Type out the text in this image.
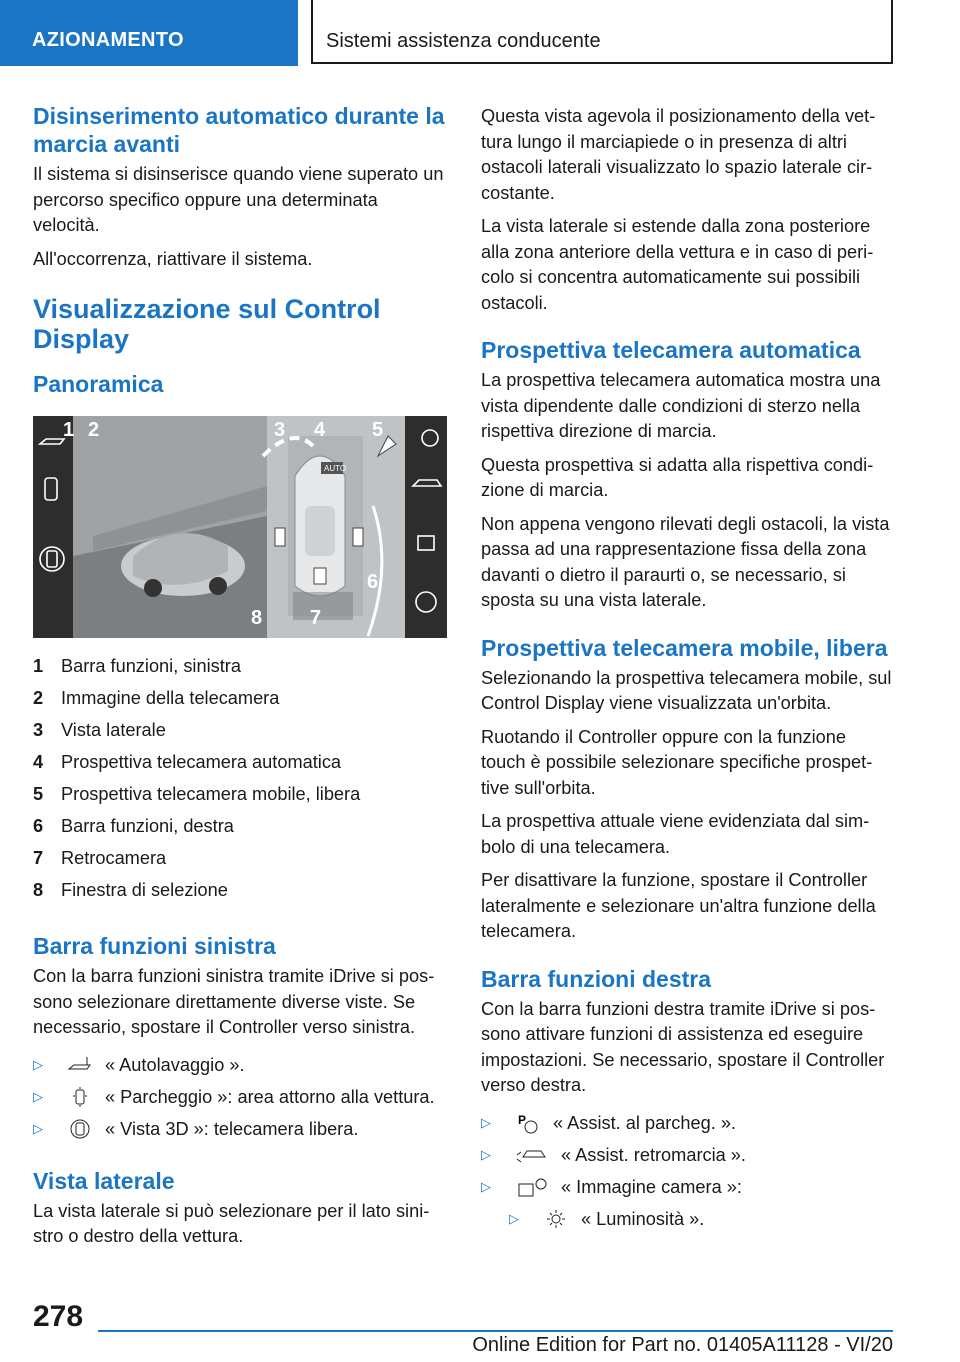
AZIONAMENTO	Sistemi assistenza conducente
Disinserimento automatico durante la marcia avanti

Il sistema si disinserisce quando viene superato un percorso specifico oppure una determinata velocità.

All'occorrenza, riattivare il sistema.

Visualizzazione sul Control Display
Panoramica
1 2	3 4 5
6
7
8
AUTO
1 Barra funzioni, sinistra
2 Immagine della telecamera
3 Vista laterale
4 Prospettiva telecamera automatica
5 Prospettiva telecamera mobile, libera
6 Barra funzioni, destra
7 Retrocamera
8 Finestra di selezione
Barra funzioni sinistra

Con la barra funzioni sinistra tramite iDrive si possono selezionare direttamente diverse viste. Se necessario, spostare il Controller verso sinistra.

▷	« Autolavaggio ».
▷	« Parcheggio »: area attorno alla vettura.
▷	« Vista 3D »: telecamera libera.
Vista laterale

La vista laterale si può selezionare per il lato sinistro o destro della vettura.

Questa vista agevola il posizionamento della vettura lungo il marciapiede o in presenza di altri ostacoli laterali visualizzato lo spazio laterale circostante.

La vista laterale si estende dalla zona posteriore alla zona anteriore della vettura e in caso di pericolo si concentra automaticamente sui possibili ostacoli.

Prospettiva telecamera automatica

La prospettiva telecamera automatica mostra una vista dipendente dalle condizioni di sterzo nella rispettiva direzione di marcia.

Questa prospettiva si adatta alla rispettiva condizione di marcia.

Non appena vengono rilevati degli ostacoli, la vista passa ad una rappresentazione fissa della zona davanti o dietro il paraurti o, se necessario, si sposta su una vista laterale.

Prospettiva telecamera mobile, libera

Selezionando la prospettiva telecamera mobile, sul Control Display viene visualizzata un'orbita.

Ruotando il Controller oppure con la funzione touch è possibile selezionare specifiche prospettive sull'orbita.

La prospettiva attuale viene evidenziata dal simbolo di una telecamera.

Per disattivare la funzione, spostare il Controller lateralmente e selezionare un'altra funzione della telecamera.

Barra funzioni destra

Con la barra funzioni destra tramite iDrive si possono attivare funzioni di assistenza ed eseguire impostazioni. Se necessario, spostare il Controller verso destra.

▷	P « Assist. al parcheg. ».
▷	« Assist. retromarcia ».
▷	« Immagine camera »:
▷	« Luminosità ».
278
Online Edition for Part no. 01405A11128 - VI/20
